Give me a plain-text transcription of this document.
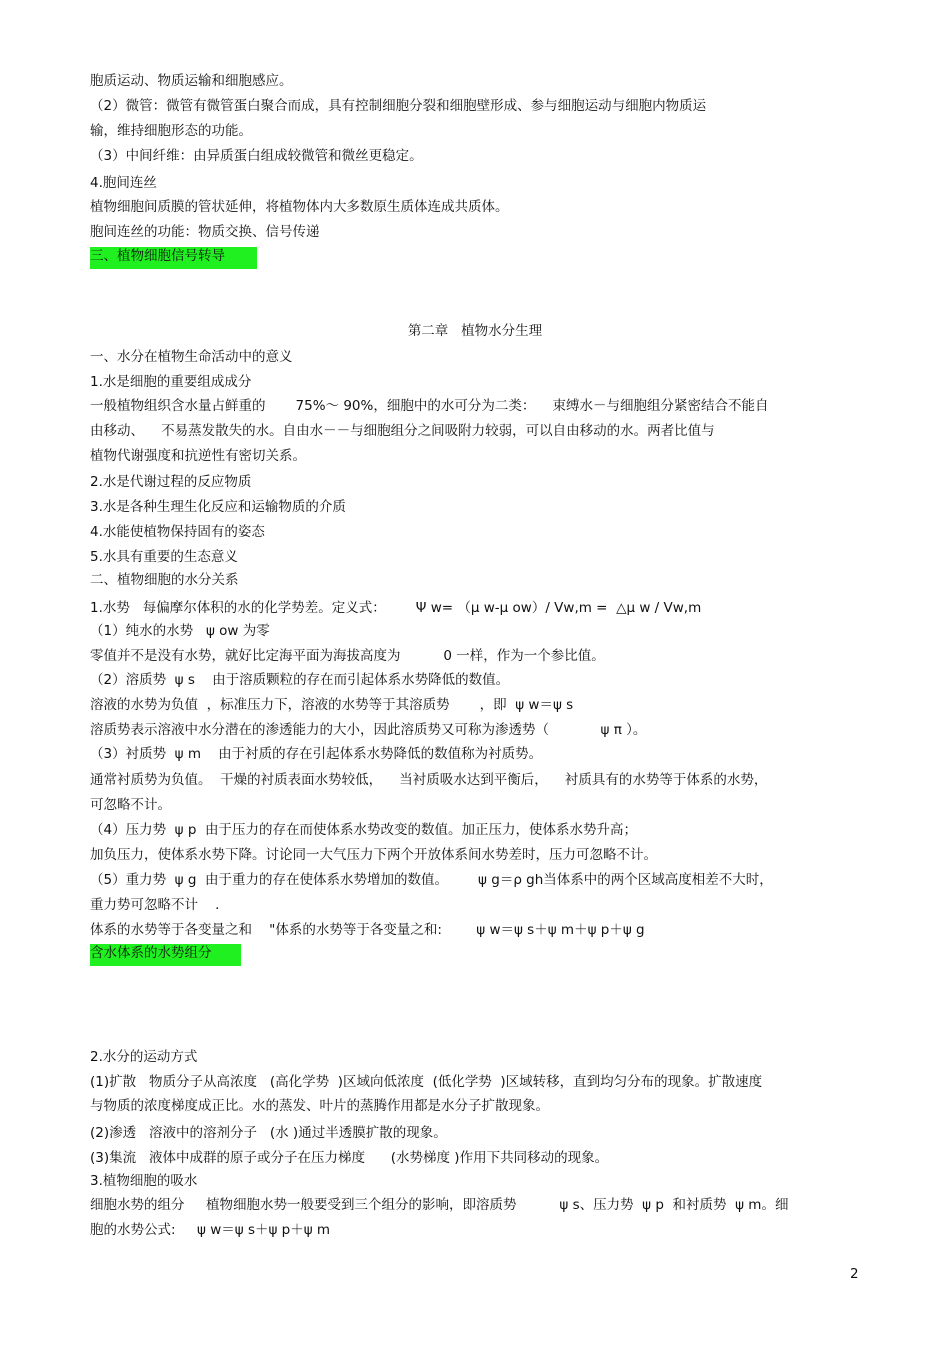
胞质运动、物质运输和细胞感应。
（2）微管：微管有微管蛋白聚合而成，具有控制细胞分裂和细胞壁形成、参与细胞运动与细胞内物质运
输，维持细胞形态的功能。
（3）中间纤维：由异质蛋白组成较微管和微丝更稳定。
4.胞间连丝
植物细胞间质膜的管状延伸，将植物体内大多数原生质体连成共质体。
胞间连丝的功能：物质交换、信号传递
三、植物细胞信号转导
第二章   植物水分生理
一、水分在植物生命活动中的意义
1.水是细胞的重要组成成分
一般植物组织含水量占鲜重的       75%～ 90%，细胞中的水可分为二类：    束缚水－与细胞组分紧密结合不能自
由移动、    不易蒸发散失的水。自由水－－与细胞组分之间吸附力较弱，可以自由移动的水。两者比值与
植物代谢强度和抗逆性有密切关系。
2.水是代谢过程的反应物质
3.水是各种生理生化反应和运输物质的介质
4.水能使植物保持固有的姿态
5.水具有重要的生态意义
二、植物细胞的水分关系
1.水势   每偏摩尔体积的水的化学势差。定义式：       Ψ w= （μ w-μ ow）/ Vw,m =  △μ w / Vw,m
（1）纯水的水势   ψ ow 为零
零值并不是没有水势，就好比定海平面为海拔高度为          0 一样，作为一个参比值。
（2）溶质势  ψ s    由于溶质颗粒的存在而引起体系水势降低的数值。
溶液的水势为负值  ，标准压力下，溶液的水势等于其溶质势       ，即  ψ w＝ψ s
溶质势表示溶液中水分潜在的渗透能力的大小，因此溶质势又可称为渗透势（            ψ π ）。
（3）衬质势  ψ m    由于衬质的存在引起体系水势降低的数值称为衬质势。
通常衬质势为负值。  干燥的衬质表面水势较低，    当衬质吸水达到平衡后，    衬质具有的水势等于体系的水势，
可忽略不计。
（4）压力势  ψ p  由于压力的存在而使体系水势改变的数值。加正压力，使体系水势升高；
加负压力，使体系水势下降。讨论同一大气压力下两个开放体系间水势差时，压力可忽略不计。
（5）重力势  ψ g  由于重力的存在使体系水势增加的数值。       ψ g＝ρ gh当体系中的两个区域高度相差不大时，
重力势可忽略不计    .
体系的水势等于各变量之和    "体系的水势等于各变量之和:        ψ w＝ψ s＋ψ m＋ψ p＋ψ g
含水体系的水势组分
2.水分的运动方式
(1)扩散   物质分子从高浓度   (高化学势  )区域向低浓度  (低化学势  )区域转移，直到均匀分布的现象。扩散速度
与物质的浓度梯度成正比。水的蒸发、叶片的蒸腾作用都是水分子扩散现象。
(2)渗透   溶液中的溶剂分子   (水 )通过半透膜扩散的现象。
(3)集流   液体中成群的原子或分子在压力梯度      (水势梯度 )作用下共同移动的现象。
3.植物细胞的吸水
细胞水势的组分     植物细胞水势一般要受到三个组分的影响，即溶质势          ψ s、压力势  ψ p  和衬质势  ψ m。细
胞的水势公式:     ψ w＝ψ s＋ψ p＋ψ m
2
